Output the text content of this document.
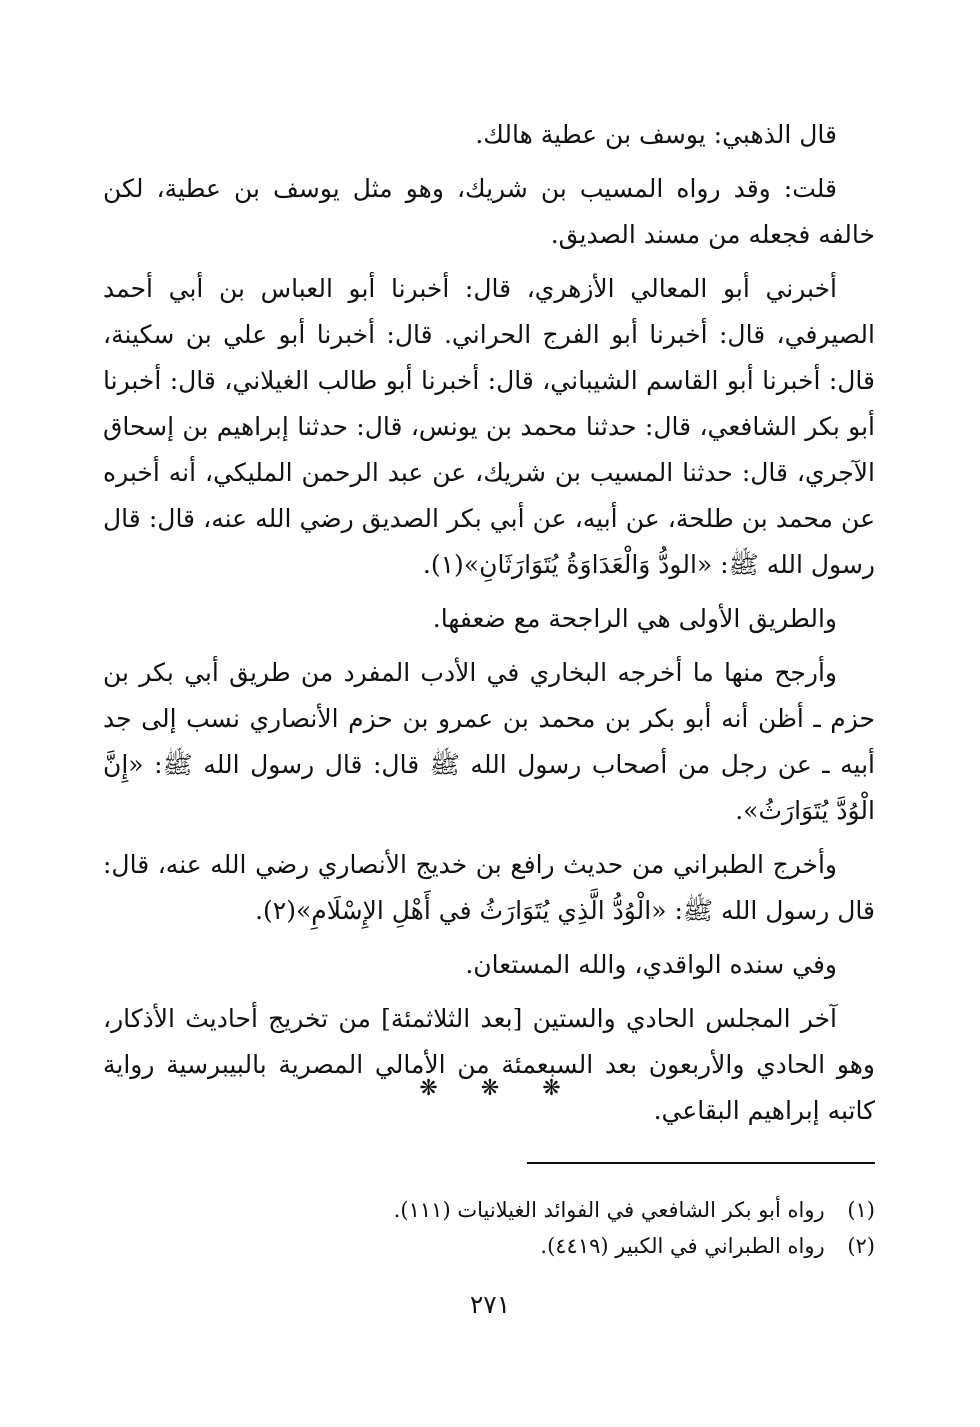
قال الذهبي: يوسف بن عطية هالك.

قلت: وقد رواه المسيب بن شريك، وهو مثل يوسف بن عطية، لكن خالفه فجعله من مسند الصديق.

أخبرني أبو المعالي الأزهري، قال: أخبرنا أبو العباس بن أبي أحمد الصيرفي، قال: أخبرنا أبو الفرج الحراني. قال: أخبرنا أبو علي بن سكينة، قال: أخبرنا أبو القاسم الشيباني، قال: أخبرنا أبو طالب الغيلاني، قال: أخبرنا أبو بكر الشافعي، قال: حدثنا محمد بن يونس، قال: حدثنا إبراهيم بن إسحاق الآجري، قال: حدثنا المسيب بن شريك، عن عبد الرحمن المليكي، أنه أخبره عن محمد بن طلحة، عن أبيه، عن أبي بكر الصديق رضي الله عنه، قال: قال رسول الله ﷺ: «الودُّ وَالْعَدَاوَةُ يُتَوَارَثَانِ»(١).

والطريق الأولى هي الراجحة مع ضعفها.

وأرجح منها ما أخرجه البخاري في الأدب المفرد من طريق أبي بكر بن حزم ـ أظن أنه أبو بكر بن محمد بن عمرو بن حزم الأنصاري نسب إلى جد أبيه ـ عن رجل من أصحاب رسول الله ﷺ قال: قال رسول الله ﷺ: «إِنَّ الْوُدَّ يُتَوَارَثُ».

وأخرج الطبراني من حديث رافع بن خديج الأنصاري رضي الله عنه، قال: قال رسول الله ﷺ: «الْوُدُّ الَّذِي يُتَوَارَثُ في أَهْلِ الإِسْلَامِ»(٢).

وفي سنده الواقدي، والله المستعان.

آخر المجلس الحادي والستين [بعد الثلاثمئة] من تخريج أحاديث الأذكار، وهو الحادي والأربعون بعد السبعمئة من الأمالي المصرية بالبيبرسية رواية كاتبه إبراهيم البقاعي.

❋ ❋ ❋

(١) رواه أبو بكر الشافعي في الفوائد الغيلانيات (١١١).

(٢) رواه الطبراني في الكبير (٤٤١٩).

٢٧١
